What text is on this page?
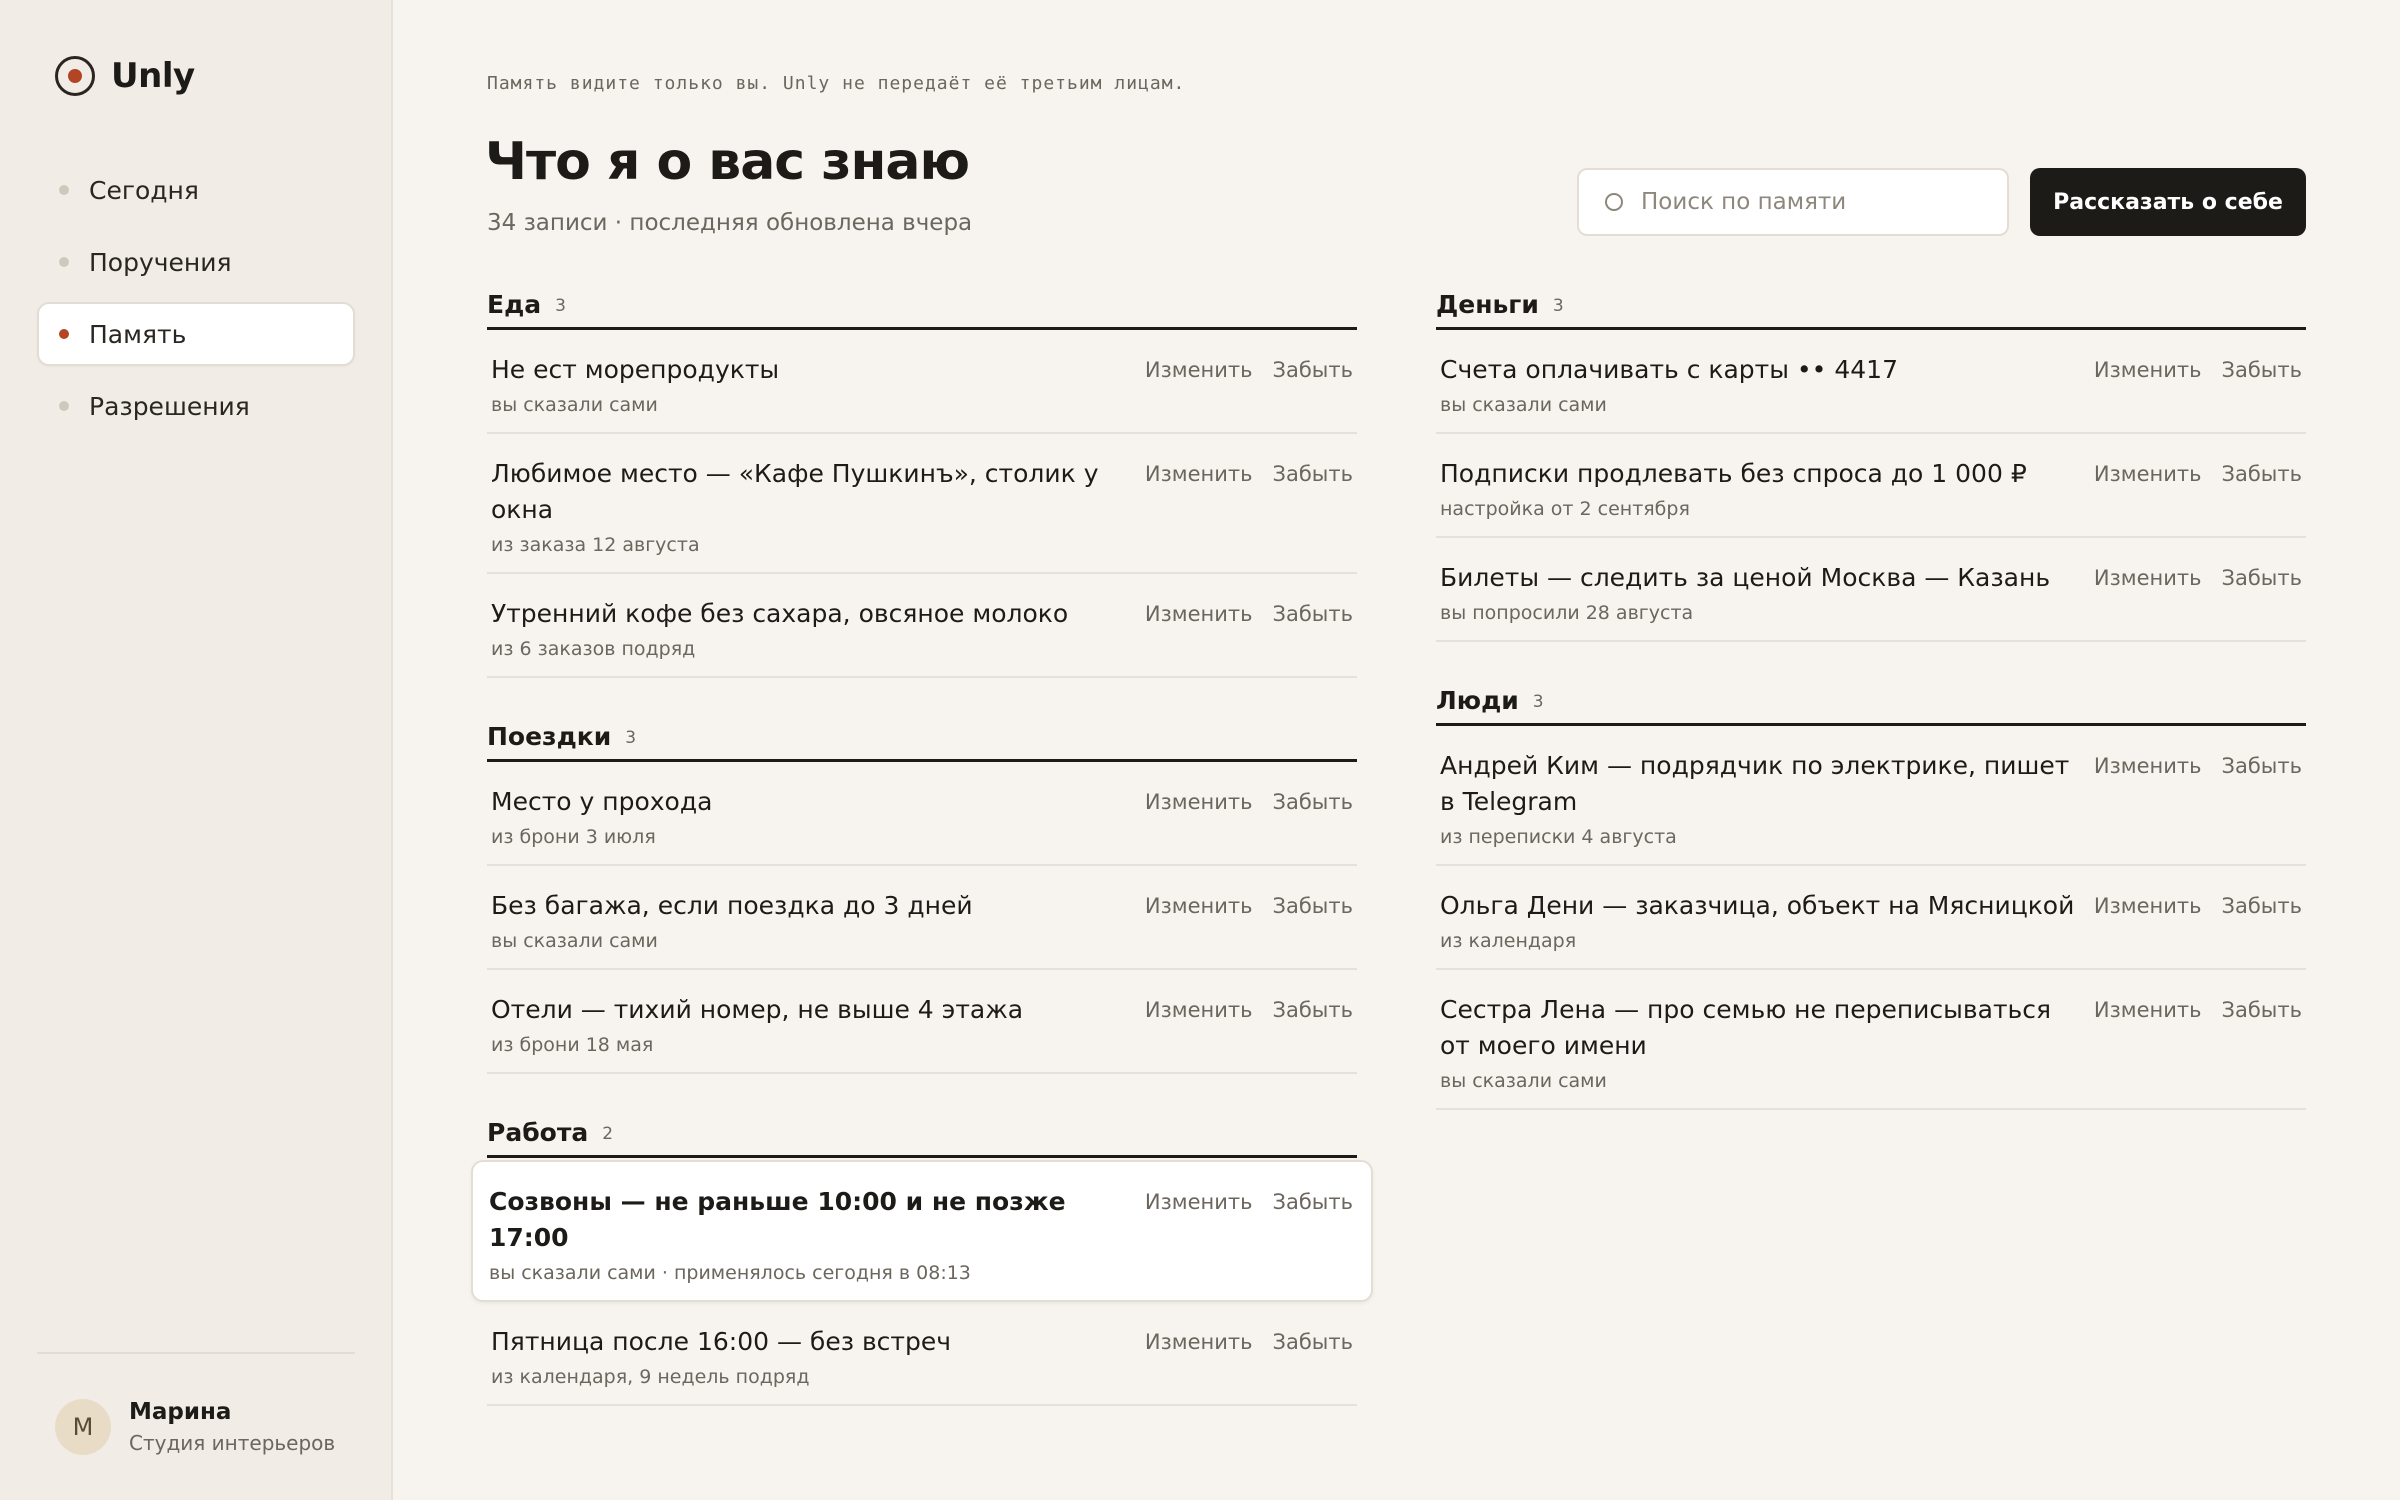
Unly
Сегодня
Поручения
Память
Разрешения
М
Марина
Студия интерьеров
Память видите только вы. Unly не передаёт её третьим лицам.
Что я о вас знаю
34 записи · последняя обновлена вчера
Поиск по памяти
Рассказать о себе
Еда 3
Не ест морепродукты
вы сказали сами
Изменить Забыть
Любимое место — «Кафе Пушкинъ», столик у окна
из заказа 12 августа
Изменить Забыть
Утренний кофе без сахара, овсяное молоко
из 6 заказов подряд
Изменить Забыть
Поездки 3
Место у прохода
из брони 3 июля
Изменить Забыть
Без багажа, если поездка до 3 дней
вы сказали сами
Изменить Забыть
Отели — тихий номер, не выше 4 этажа
из брони 18 мая
Изменить Забыть
Работа 2
Созвоны — не раньше 10:00 и не позже 17:00
вы сказали сами · применялось сегодня в 08:13
Изменить Забыть
Пятница после 16:00 — без встреч
из календаря, 9 недель подряд
Изменить Забыть
Деньги 3
Счета оплачивать с карты •• 4417
вы сказали сами
Изменить Забыть
Подписки продлевать без спроса до 1 000 ₽
настройка от 2 сентября
Изменить Забыть
Билеты — следить за ценой Москва — Казань
вы попросили 28 августа
Изменить Забыть
Люди 3
Андрей Ким — подрядчик по электрике, пишет в Telegram
из переписки 4 августа
Изменить Забыть
Ольга Дени — заказчица, объект на Мясницкой
из календаря
Изменить Забыть
Сестра Лена — про семью не переписываться от моего имени
вы сказали сами
Изменить Забыть
